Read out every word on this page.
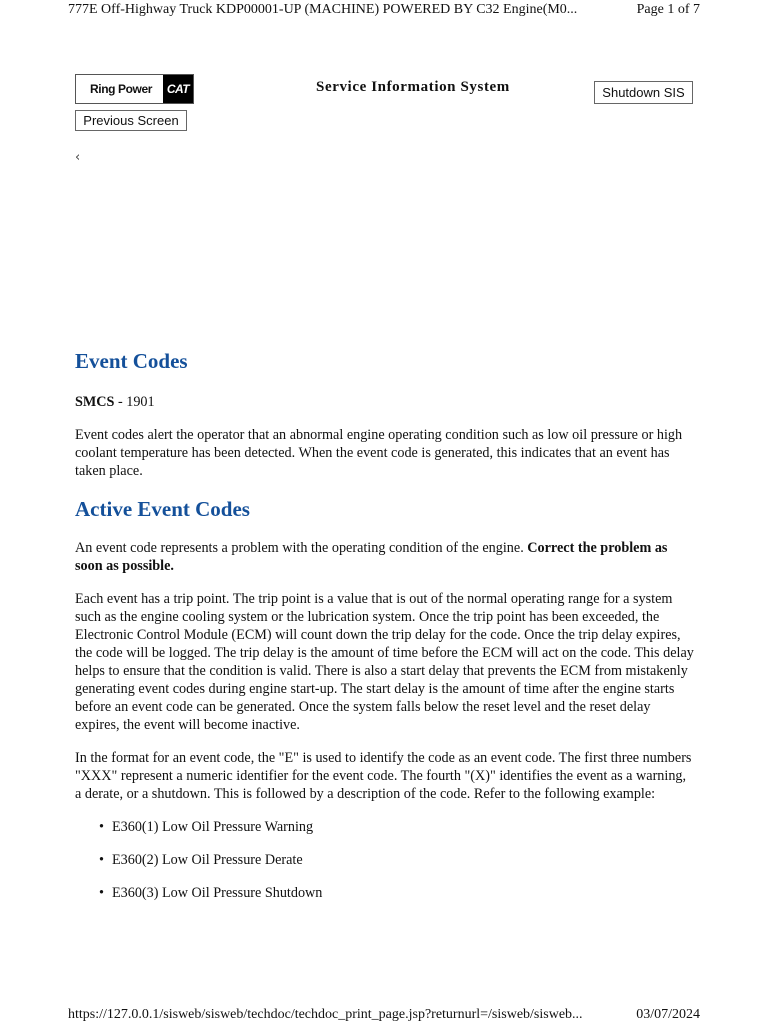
777E Off-Highway Truck KDP00001-UP (MACHINE) POWERED BY C32 Engine(M0...	Page 1 of 7
Ring Power	CAT	Service Information System	Shutdown SIS
Previous Screen
‹
Event Codes

SMCS - 1901

Event codes alert the operator that an abnormal engine operating condition such as low oil pressure or high coolant temperature has been detected. When the event code is generated, this indicates that an event has taken place.

Active Event Codes

An event code represents a problem with the operating condition of the engine. Correct the problem as soon as possible.

Each event has a trip point. The trip point is a value that is out of the normal operating range for a system such as the engine cooling system or the lubrication system. Once the trip point has been exceeded, the Electronic Control Module (ECM) will count down the trip delay for the code. Once the trip delay expires, the code will be logged. The trip delay is the amount of time before the ECM will act on the code. This delay helps to ensure that the condition is valid. There is also a start delay that prevents the ECM from mistakenly generating event codes during engine start-up. The start delay is the amount of time after the engine starts before an event code can be generated. Once the system falls below the reset level and the reset delay expires, the event will become inactive.

In the format for an event code, the "E" is used to identify the code as an event code. The first three numbers "XXX" represent a numeric identifier for the event code. The fourth "(X)" identifies the event as a warning, a derate, or a shutdown. This is followed by a description of the code. Refer to the following example:

• E360(1) Low Oil Pressure Warning
• E360(2) Low Oil Pressure Derate
• E360(3) Low Oil Pressure Shutdown
https://127.0.0.1/sisweb/sisweb/techdoc/techdoc_print_page.jsp?returnurl=/sisweb/sisweb...	03/07/2024
